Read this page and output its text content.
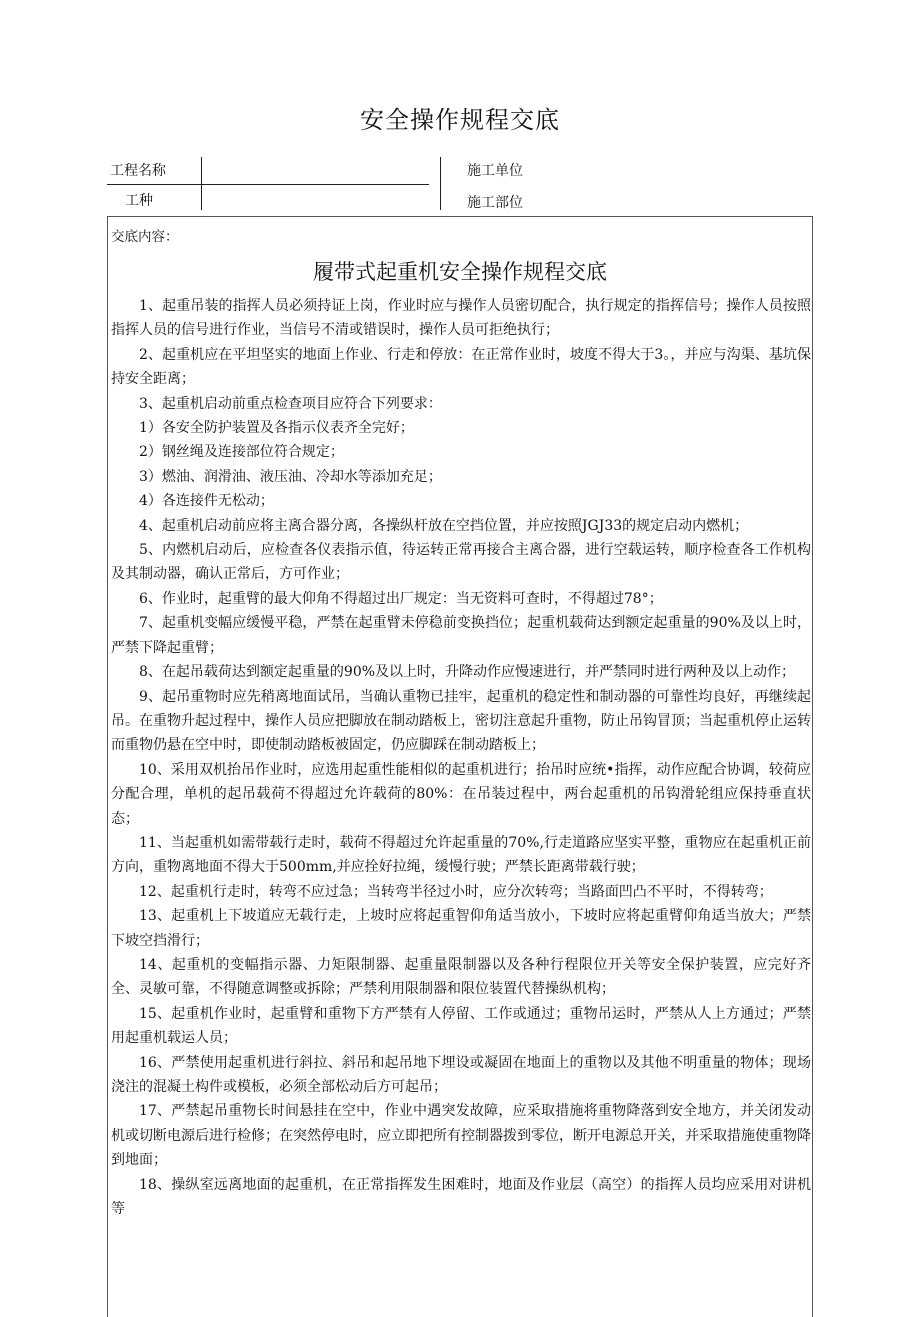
安全操作规程交底
工程名称
工种
施工单位
施工部位
交底内容：
履带式起重机安全操作规程交底

1、起重吊装的指挥人员必须持证上岗，作业时应与操作人员密切配合，执行规定的指挥信号；操作人员按照指挥人员的信号进行作业，当信号不清或错误时，操作人员可拒绝执行；

2、起重机应在平坦坚实的地面上作业、行走和停放：在正常作业时，坡度不得大于3。，并应与沟渠、基坑保持安全距离；

3、起重机启动前重点检查项目应符合下列要求：

1）各安全防护装置及各指示仪表齐全完好；

2）钢丝绳及连接部位符合规定；

3）燃油、润滑油、液压油、冷却水等添加充足；

4）各连接件无松动；

4、起重机启动前应将主离合器分离，各操纵杆放在空挡位置，并应按照JGJ33的规定启动内燃机；

5、内燃机启动后，应检查各仪表指示值，待运转正常再接合主离合器，进行空载运转，顺序检查各工作机构及其制动器，确认正常后，方可作业；

6、作业时，起重臂的最大仰角不得超过出厂规定：当无资料可查时，不得超过78°；

7、起重机变幅应缓慢平稳，严禁在起重臂未停稳前变换挡位；起重机载荷达到额定起重量的90%及以上时，严禁下降起重臂；

8、在起吊载荷达到额定起重量的90%及以上时，升降动作应慢速进行，并严禁同时进行两种及以上动作；

9、起吊重物时应先稍离地面试吊，当确认重物已挂牢，起重机的稳定性和制动器的可靠性均良好，再继续起吊。在重物升起过程中，操作人员应把脚放在制动踏板上，密切注意起升重物，防止吊钩冒顶；当起重机停止运转而重物仍悬在空中时，即使制动踏板被固定，仍应脚踩在制动踏板上；

10、采用双机抬吊作业时，应选用起重性能相似的起重机进行；抬吊时应统•指挥，动作应配合协调，较荷应分配合理，单机的起吊载荷不得超过允许载荷的80%：在吊装过程中，两台起重机的吊钩滑轮组应保持垂直状态；

11、当起重机如需带载行走时，载荷不得超过允许起重量的70%,行走道路应坚实平整，重物应在起重机正前方向，重物离地面不得大于500mm,并应拴好拉绳，缓慢行驶；严禁长距离带载行驶；

12、起重机行走时，转弯不应过急；当转弯半径过小时，应分次转弯；当路面凹凸不平时，不得转弯；

13、起重机上下坡道应无载行走，上坡时应将起重智仰角适当放小，下坡时应将起重臂仰角适当放大；严禁下坡空挡滑行；

14、起重机的变幅指示器、力矩限制器、起重量限制器以及各种行程限位开关等安全保护装置，应完好齐全、灵敏可靠，不得随意调整或拆除；严禁利用限制器和限位装置代替操纵机构；

15、起重机作业时，起重臂和重物下方严禁有人停留、工作或通过；重物吊运时，严禁从人上方通过；严禁用起重机载运人员；

16、严禁使用起重机进行斜拉、斜吊和起吊地下埋设或凝固在地面上的重物以及其他不明重量的物体；现场浇注的混凝土构件或模板，必须全部松动后方可起吊；

17、严禁起吊重物长时间悬挂在空中，作业中遇突发故障，应采取措施将重物降落到安全地方，并关闭发动机或切断电源后进行检修；在突然停电时，应立即把所有控制器拨到零位，断开电源总开关，并采取措施使重物降到地面；

18、操纵室远离地面的起重机，在正常指挥发生困难时，地面及作业层（高空）的指挥人员均应采用对讲机等
